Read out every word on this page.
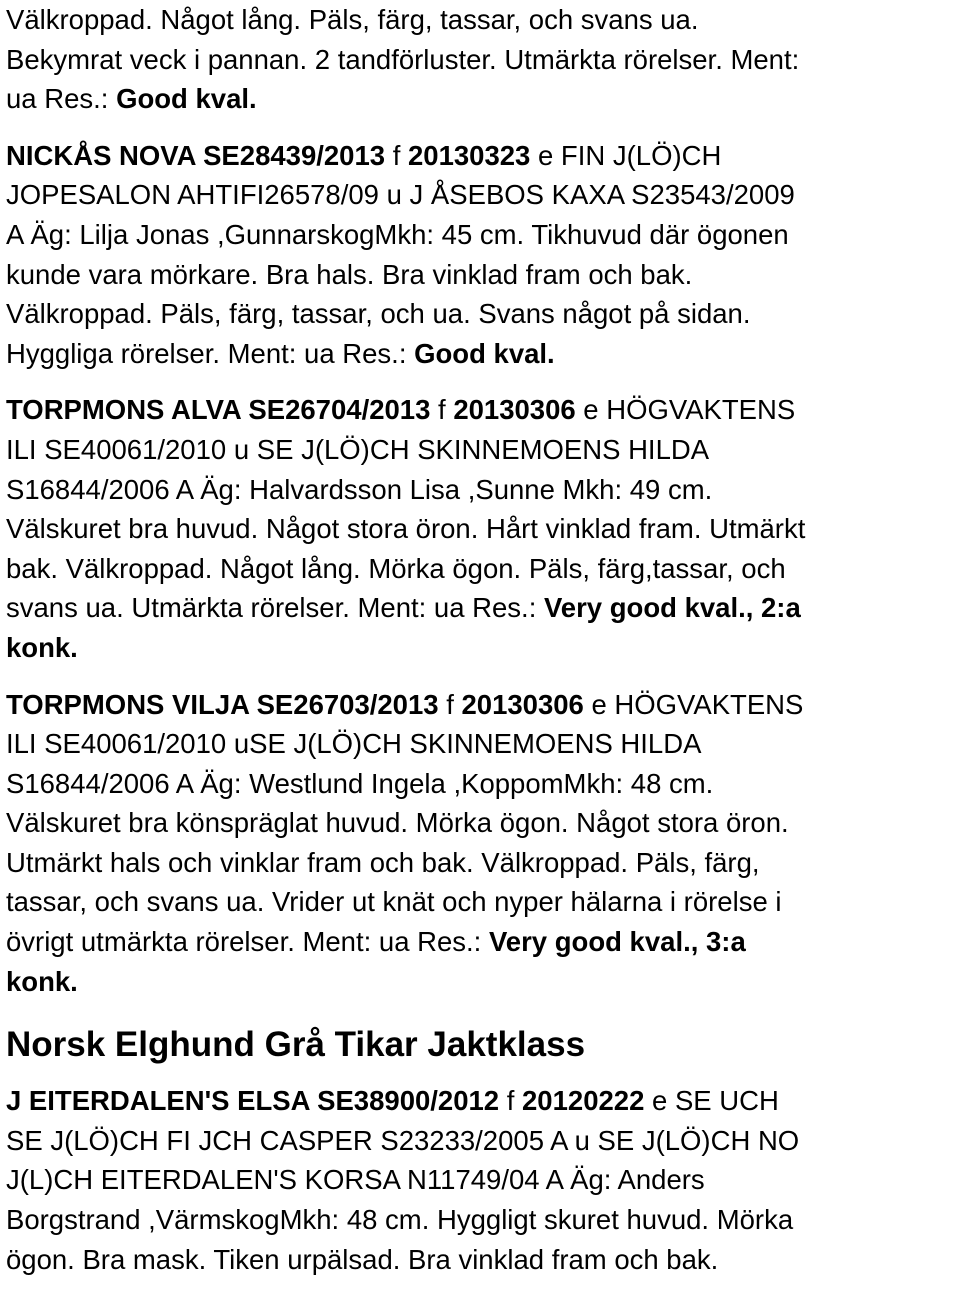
Välkroppad. Något lång. Päls, färg, tassar, och svans ua.
Bekymrat veck i pannan. 2 tandförluster. Utmärkta rörelser. Ment:
ua Res.: Good kval.
NICKÅS NOVA SE28439/2013 f 20130323 e FIN J(LÖ)CH
JOPESALON AHTIFI26578/09 u J ÅSEBOS KAXA S23543/2009
A Äg: Lilja Jonas ,GunnarskogMkh: 45 cm. Tikhuvud där ögonen
kunde vara mörkare. Bra hals. Bra vinklad fram och bak.
Välkroppad. Päls, färg, tassar, och ua. Svans något på sidan.
Hyggliga rörelser. Ment: ua Res.: Good kval.
TORPMONS ALVA SE26704/2013 f 20130306 e HÖGVAKTENS
ILI SE40061/2010 u SE J(LÖ)CH SKINNEMOENS HILDA
S16844/2006 A Äg: Halvardsson Lisa ,Sunne Mkh: 49 cm.
Välskuret bra huvud. Något stora öron. Hårt vinklad fram. Utmärkt
bak. Välkroppad. Något lång. Mörka ögon. Päls, färg,tassar, och
svans ua. Utmärkta rörelser. Ment: ua Res.: Very good kval., 2:a
konk.
TORPMONS VILJA SE26703/2013 f 20130306 e HÖGVAKTENS
ILI SE40061/2010 uSE J(LÖ)CH SKINNEMOENS HILDA
S16844/2006 A Äg: Westlund Ingela ,KoppomMkh: 48 cm.
Välskuret bra könspräglat huvud. Mörka ögon. Något stora öron.
Utmärkt hals och vinklar fram och bak. Välkroppad. Päls, färg,
tassar, och svans ua. Vrider ut knät och nyper hälarna i rörelse i
övrigt utmärkta rörelser. Ment: ua Res.: Very good kval., 3:a
konk.
Norsk Elghund Grå Tikar Jaktklass
J EITERDALEN'S ELSA SE38900/2012 f 20120222 e SE UCH
SE J(LÖ)CH FI JCH CASPER S23233/2005 A u SE J(LÖ)CH NO
J(L)CH EITERDALEN'S KORSA N11749/04 A Äg: Anders
Borgstrand ,VärmskogMkh: 48 cm. Hyggligt skuret huvud. Mörka
ögon. Bra mask. Tiken urpälsad. Bra vinklad fram och bak.
